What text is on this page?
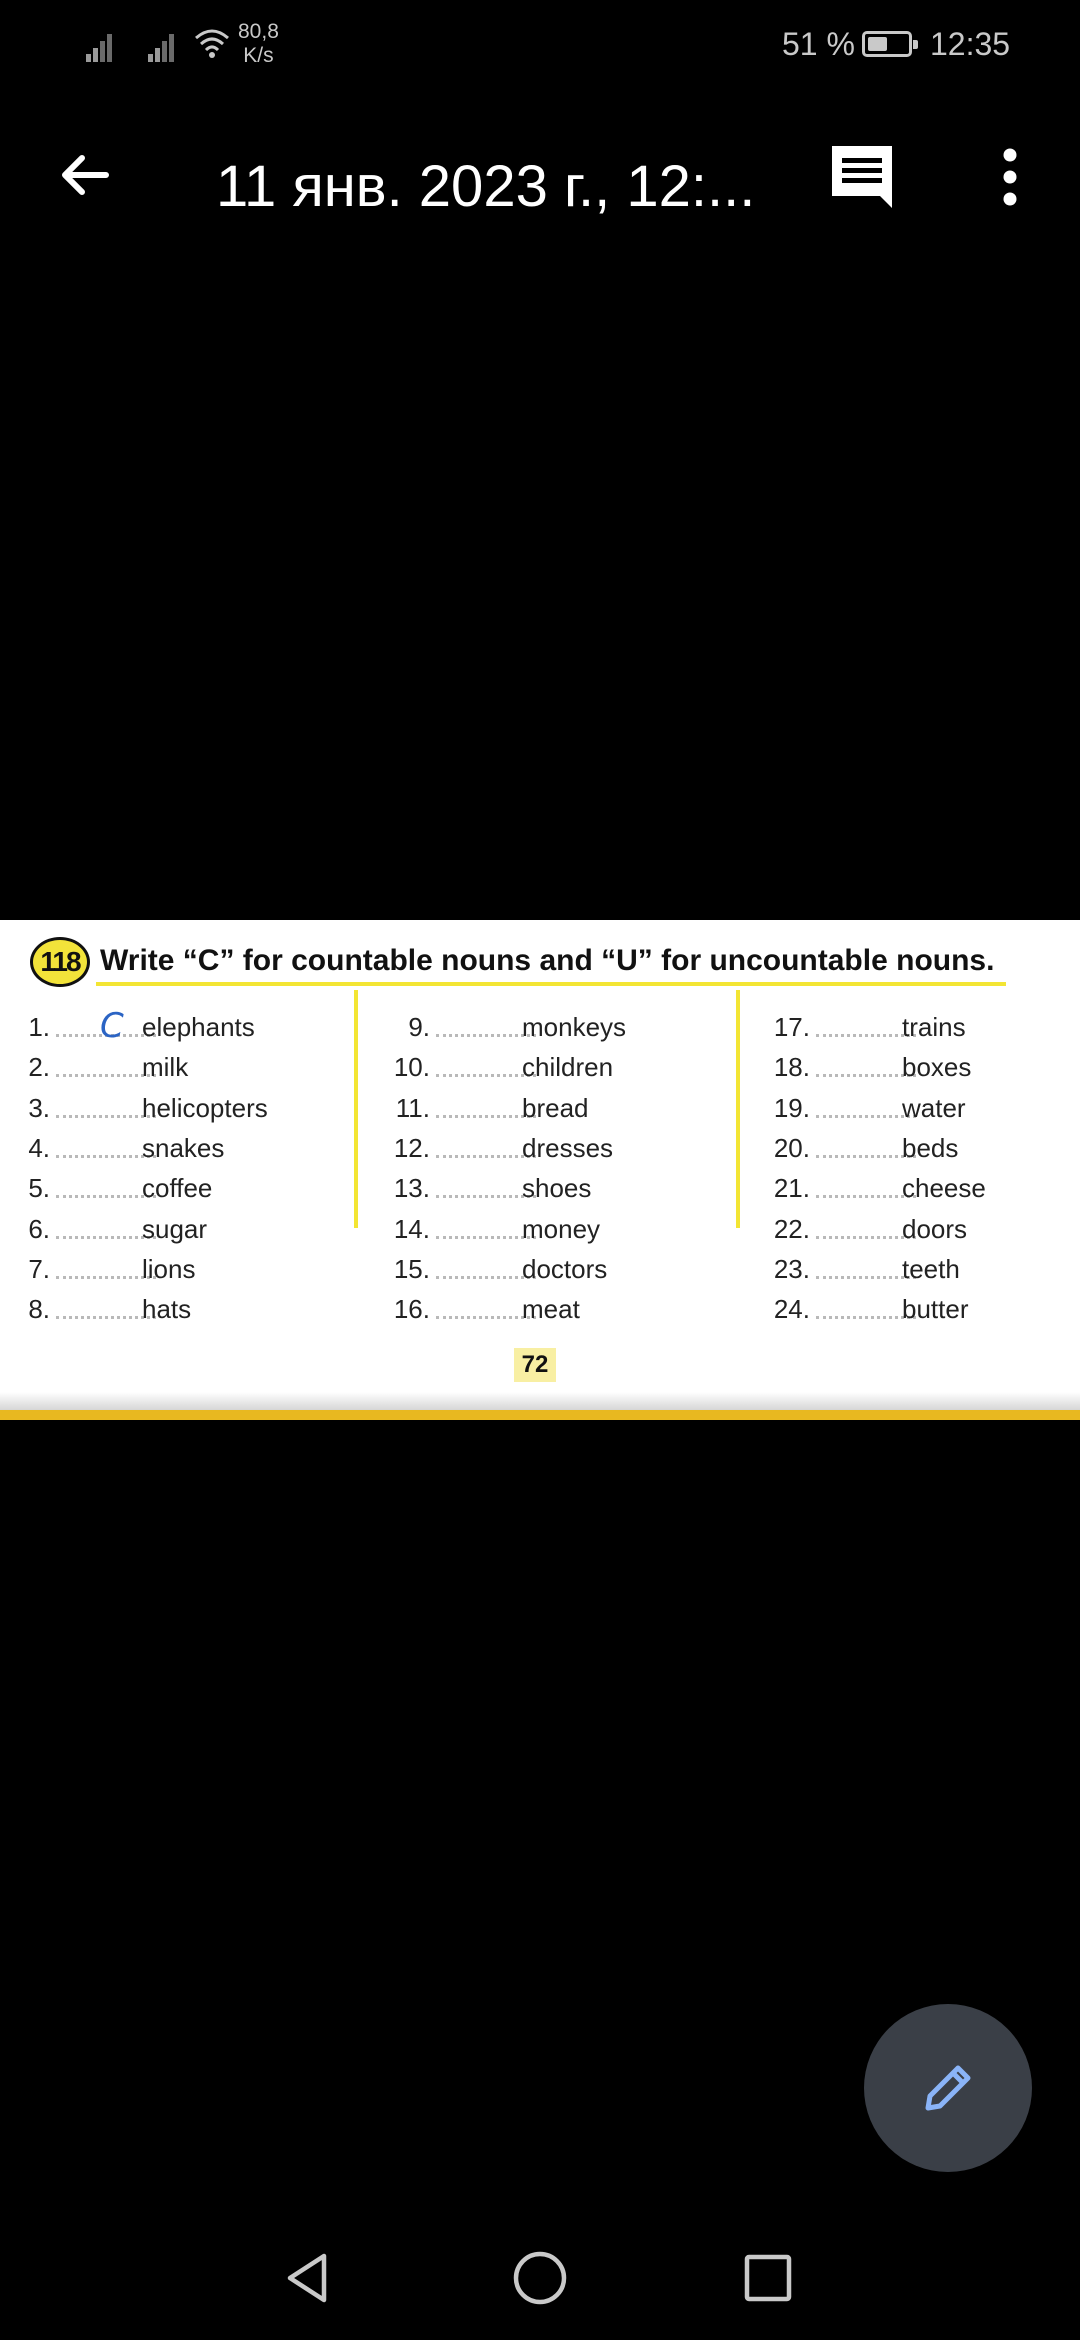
80,8
K/s	51 % 12:35
11 янв. 2023 г., 12:...
118 Write “C” for countable nouns and “U” for uncountable nouns.
1.	elephants
2.	milk
3.	helicopters
4.	snakes
5.	coffee
6.	sugar
7.	lions
8.	hats
9.	monkeys
10.	children
11.	bread
12.	dresses
13.	shoes
14.	money
15.	doctors
16.	meat
17.	trains
18.	boxes
19.	water
20.	beds
21.	cheese
22.	doors
23.	teeth
24.	butter
C
72
